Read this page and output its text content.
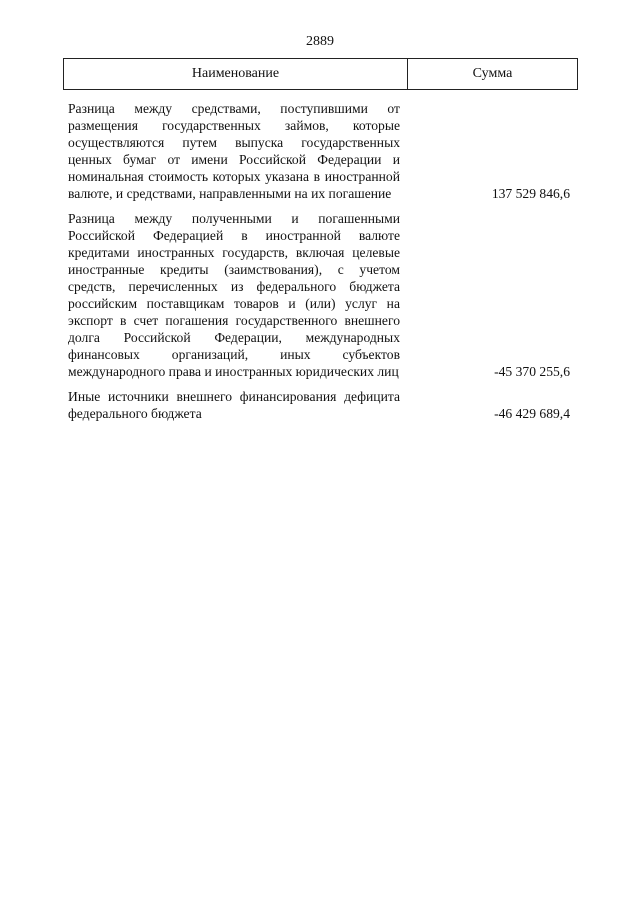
2889
Наименование	Сумма
Разница между средствами, поступившими от размещения государственных займов, которые осуществляются путем выпуска государственных ценных бумаг от имени Российской Федерации и номинальная стоимость которых указана в иностранной валюте, и средствами, направленными на их погашение	137 529 846,6
Разница между полученными и погашенными Российской Федерацией в иностранной валюте кредитами иностранных государств, включая целевые иностранные кредиты (заимствования), с учетом средств, перечисленных из федерального бюджета российским поставщикам товаров и (или) услуг на экспорт в счет погашения государственного внешнего долга Российской Федерации, международных финансовых организаций, иных субъектов международного права и иностранных юридических лиц	-45 370 255,6
Иные источники внешнего финансирования дефицита федерального бюджета	-46 429 689,4
